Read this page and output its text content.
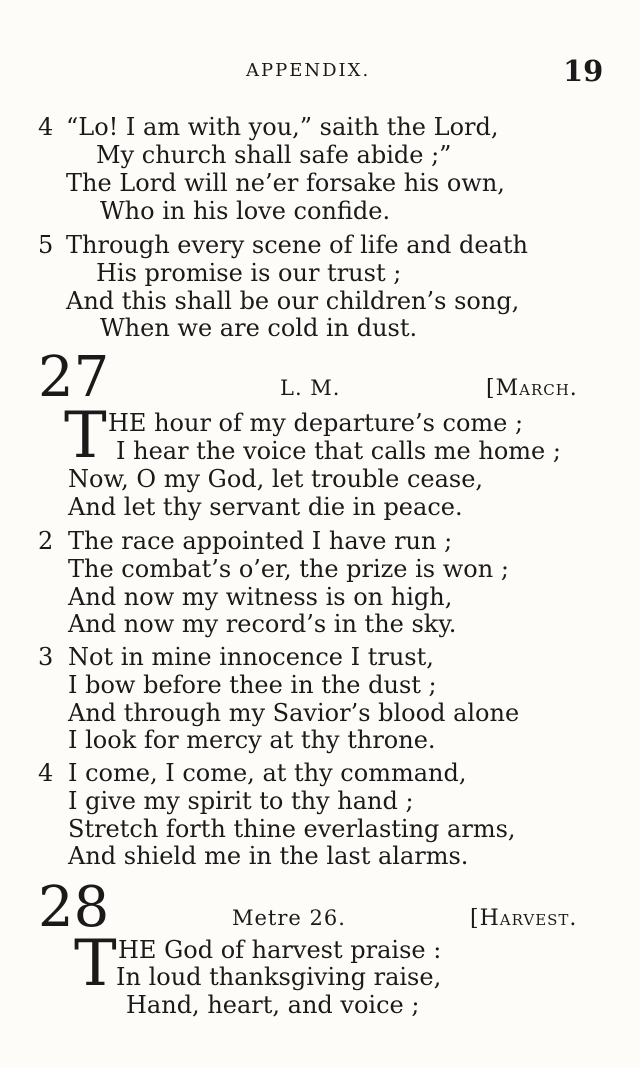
APPENDIX.	19
4 “Lo! I am with you,” saith the Lord,
My church shall safe abide ;”
The Lord will ne’er forsake his own,
Who in his love confide.
5 Through every scene of life and death
His promise is our trust ;
And this shall be our children’s song,
When we are cold in dust.
27	L. M.	[March.
T HE hour of my departure’s come ;
I hear the voice that calls me home ;
Now, O my God, let trouble cease,
And let thy servant die in peace.
2 The race appointed I have run ;
The combat’s o’er, the prize is won ;
And now my witness is on high,
And now my record’s in the sky.
3 Not in mine innocence I trust,
I bow before thee in the dust ;
And through my Savior’s blood alone
I look for mercy at thy throne.
4 I come, I come, at thy command,
I give my spirit to thy hand ;
Stretch forth thine everlasting arms,
And shield me in the last alarms.
28	Metre 26.	[Harvest.
T HE God of harvest praise :
In loud thanksgiving raise,
Hand, heart, and voice ;
